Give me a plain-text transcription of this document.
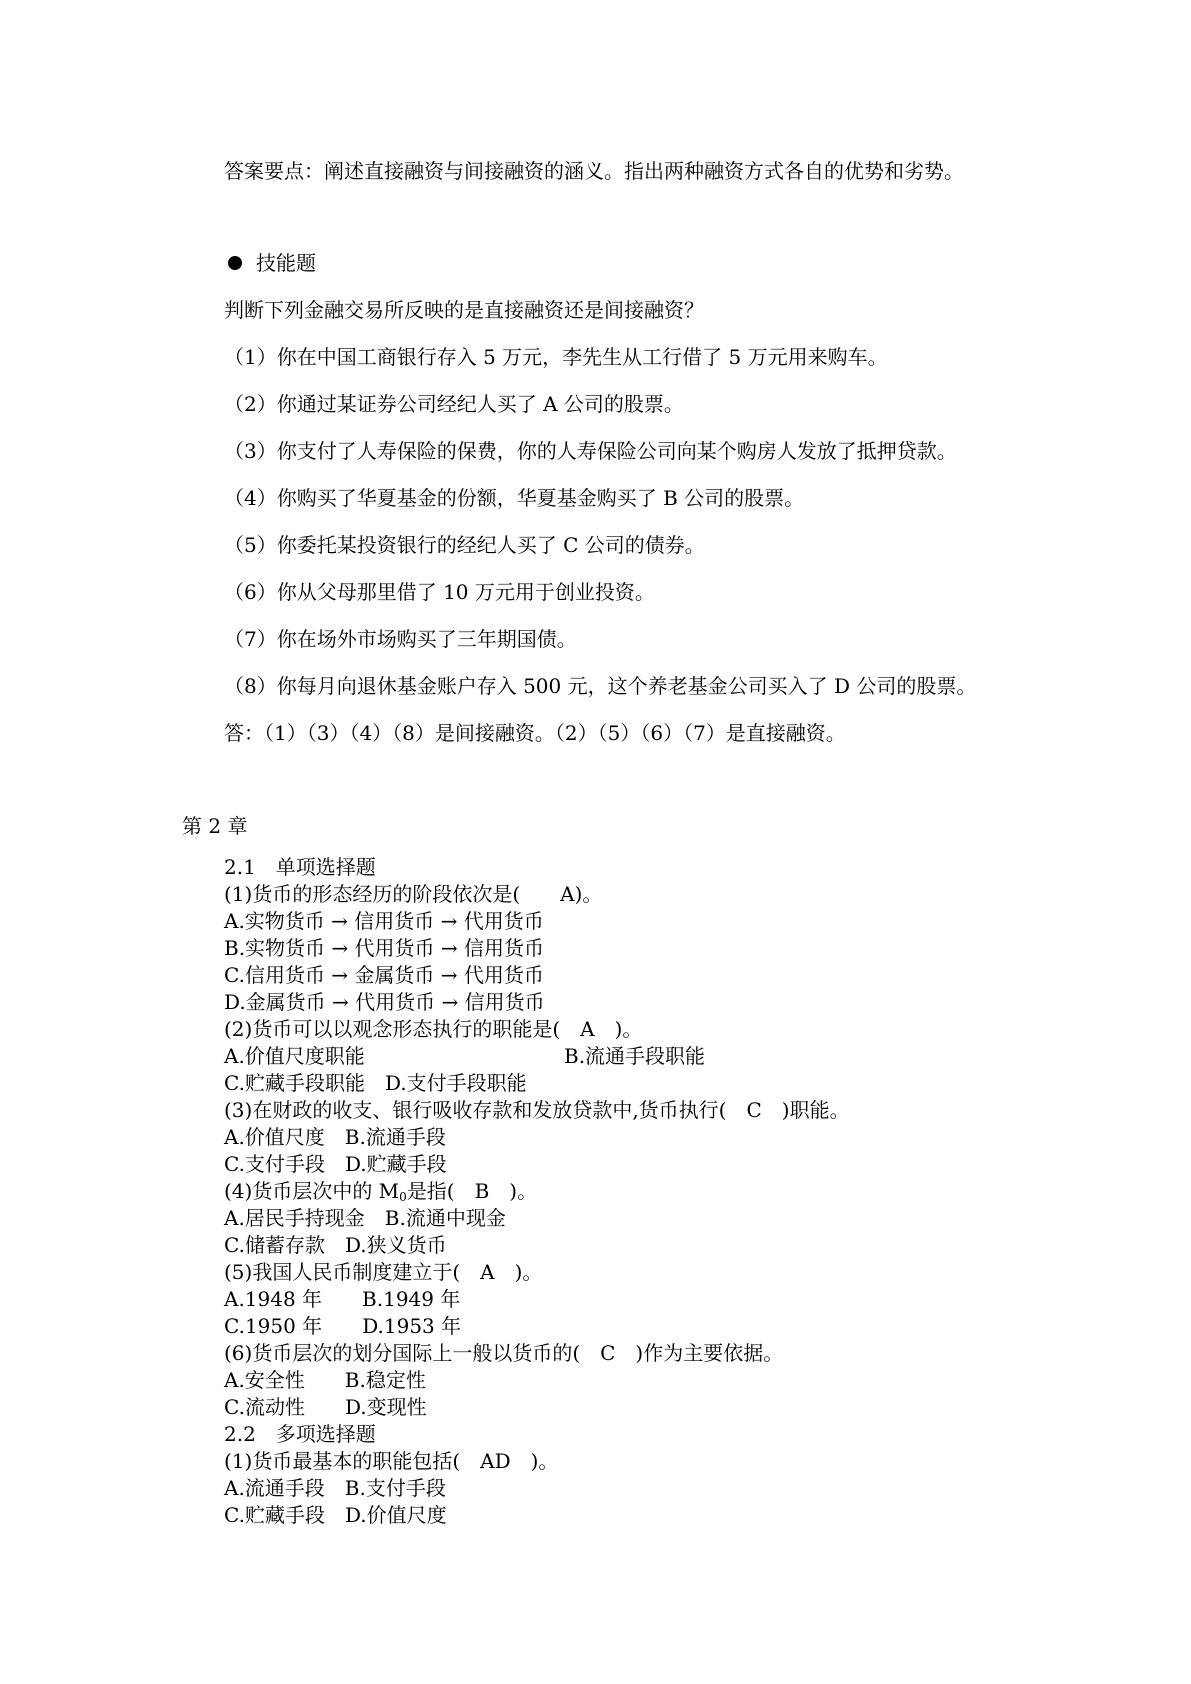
答案要点：阐述直接融资与间接融资的涵义。指出两种融资方式各自的优势和劣势。
技能题
判断下列金融交易所反映的是直接融资还是间接融资？
（1）你在中国工商银行存入 5 万元，李先生从工行借了 5 万元用来购车。
（2）你通过某证券公司经纪人买了 A 公司的股票。
（3）你支付了人寿保险的保费，你的人寿保险公司向某个购房人发放了抵押贷款。
（4）你购买了华夏基金的份额，华夏基金购买了 B 公司的股票。
（5）你委托某投资银行的经纪人买了 C 公司的债券。
（6）你从父母那里借了 10 万元用于创业投资。
（7）你在场外市场购买了三年期国债。
（8）你每月向退休基金账户存入 500 元，这个养老基金公司买入了 D 公司的股票。
答：（1）（3）（4）（8）是间接融资。（2）（5）（6）（7）是直接融资。
第 2 章
2.1　单项选择题
(1)货币的形态经历的阶段依次是(　　A)。
A.实物货币 → 信用货币 → 代用货币
B.实物货币 → 代用货币 → 信用货币
C.信用货币 → 金属货币 → 代用货币
D.金属货币 → 代用货币 → 信用货币
(2)货币可以以观念形态执行的职能是(　A　)。
A.价值尺度职能	B.流通手段职能
C.贮藏手段职能　D.支付手段职能
(3)在财政的收支、银行吸收存款和发放贷款中,货币执行(　C　)职能。
A.价值尺度　B.流通手段
C.支付手段　D.贮藏手段
(4)货币层次中的 $M_0$是指(　B　)。
A.居民手持现金　B.流通中现金
C.储蓄存款　D.狭义货币
(5)我国人民币制度建立于(　A　)。
A.1948 年　　B.1949 年
C.1950 年　　D.1953 年
(6)货币层次的划分国际上一般以货币的(　C　)作为主要依据。
A.安全性　　B.稳定性
C.流动性　　D.变现性
2.2　多项选择题
(1)货币最基本的职能包括(　AD　)。
A.流通手段　B.支付手段
C.贮藏手段　D.价值尺度
